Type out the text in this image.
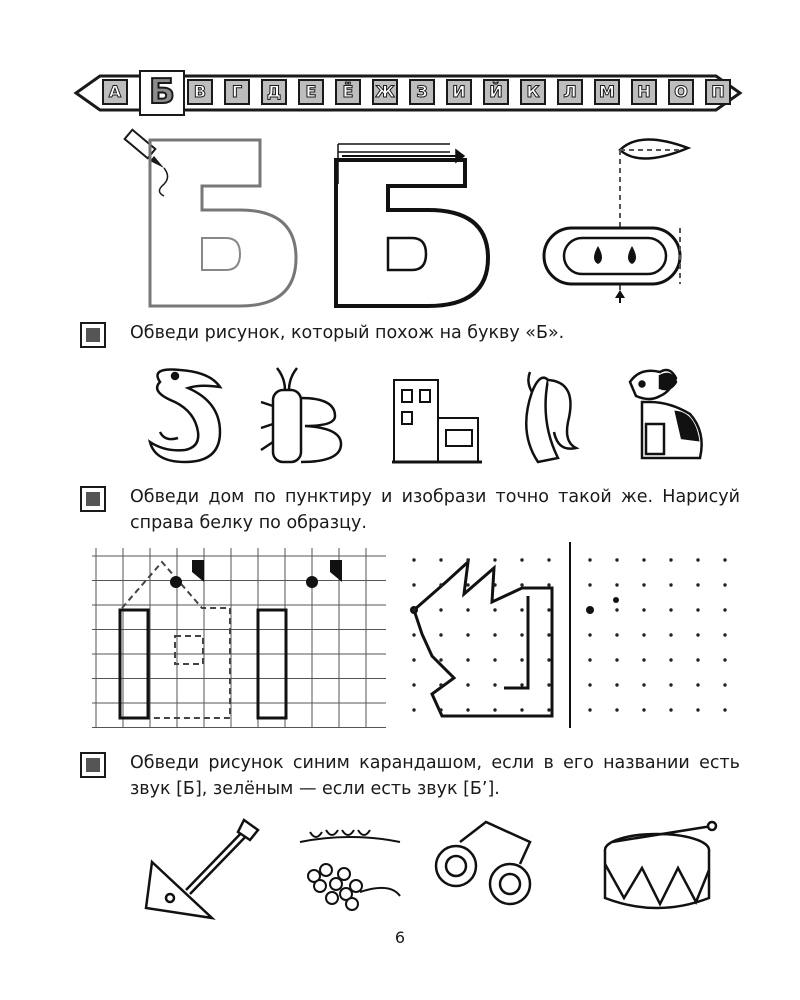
А Б	В	Г	Д	Е	Ё	Ж	З	И	Й	К	Л	М	Н	О	П
Обведи рисунок, который похож на букву «Б».
Обведи дом по пунктиру и изобрази точно такой же. Нарисуй справа белку по образцу.
Обведи рисунок синим карандашом, если в его названии есть звук [Б], зелёным — если есть звук [Б’].
6
